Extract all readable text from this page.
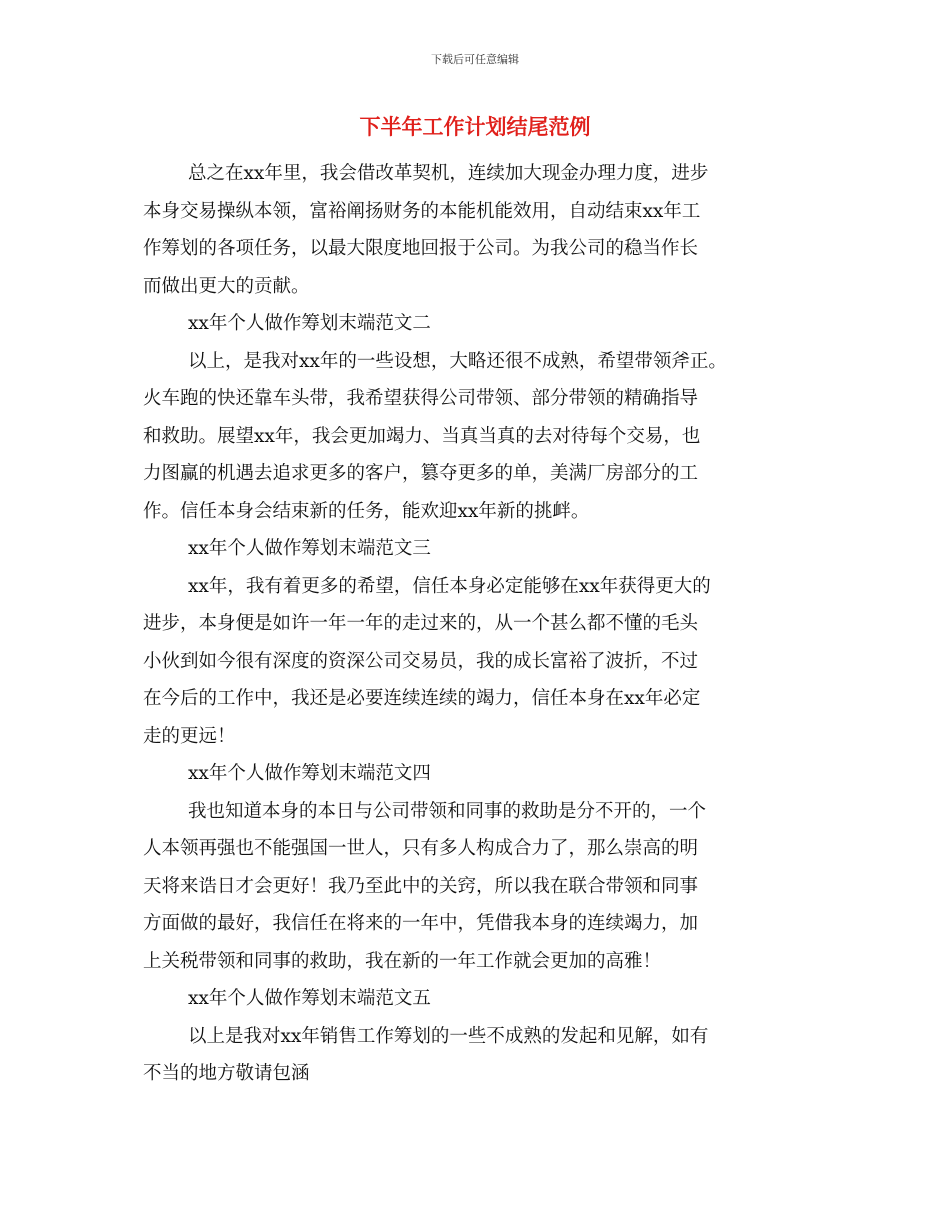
下载后可任意编辑
下半年工作计划结尾范例
总之在xx年里，我会借改革契机，连续加大现金办理力度，进步
本身交易操纵本领，富裕阐扬财务的本能机能效用，自动结束xx年工
作筹划的各项任务，以最大限度地回报于公司。为我公司的稳当作长
而做出更大的贡献。
xx年个人做作筹划末端范文二
以上，是我对xx年的一些设想，大略还很不成熟，希望带领斧正。
火车跑的快还靠车头带，我希望获得公司带领、部分带领的精确指导
和救助。展望xx年，我会更加竭力、当真当真的去对待每个交易，也
力图赢的机遇去追求更多的客户，篡夺更多的单，美满厂房部分的工
作。信任本身会结束新的任务，能欢迎xx年新的挑衅。
xx年个人做作筹划末端范文三
xx年，我有着更多的希望，信任本身必定能够在xx年获得更大的
进步，本身便是如许一年一年的走过来的，从一个甚么都不懂的毛头
小伙到如今很有深度的资深公司交易员，我的成长富裕了波折，不过
在今后的工作中，我还是必要连续连续的竭力，信任本身在xx年必定
走的更远！
xx年个人做作筹划末端范文四
我也知道本身的本日与公司带领和同事的救助是分不开的，一个
人本领再强也不能强国一世人，只有多人构成合力了，那么崇高的明
天将来诰日才会更好！我乃至此中的关窍，所以我在联合带领和同事
方面做的最好，我信任在将来的一年中，凭借我本身的连续竭力，加
上关税带领和同事的救助，我在新的一年工作就会更加的高雅！
xx年个人做作筹划末端范文五
以上是我对xx年销售工作筹划的一些不成熟的发起和见解，如有
不当的地方敬请包涵
